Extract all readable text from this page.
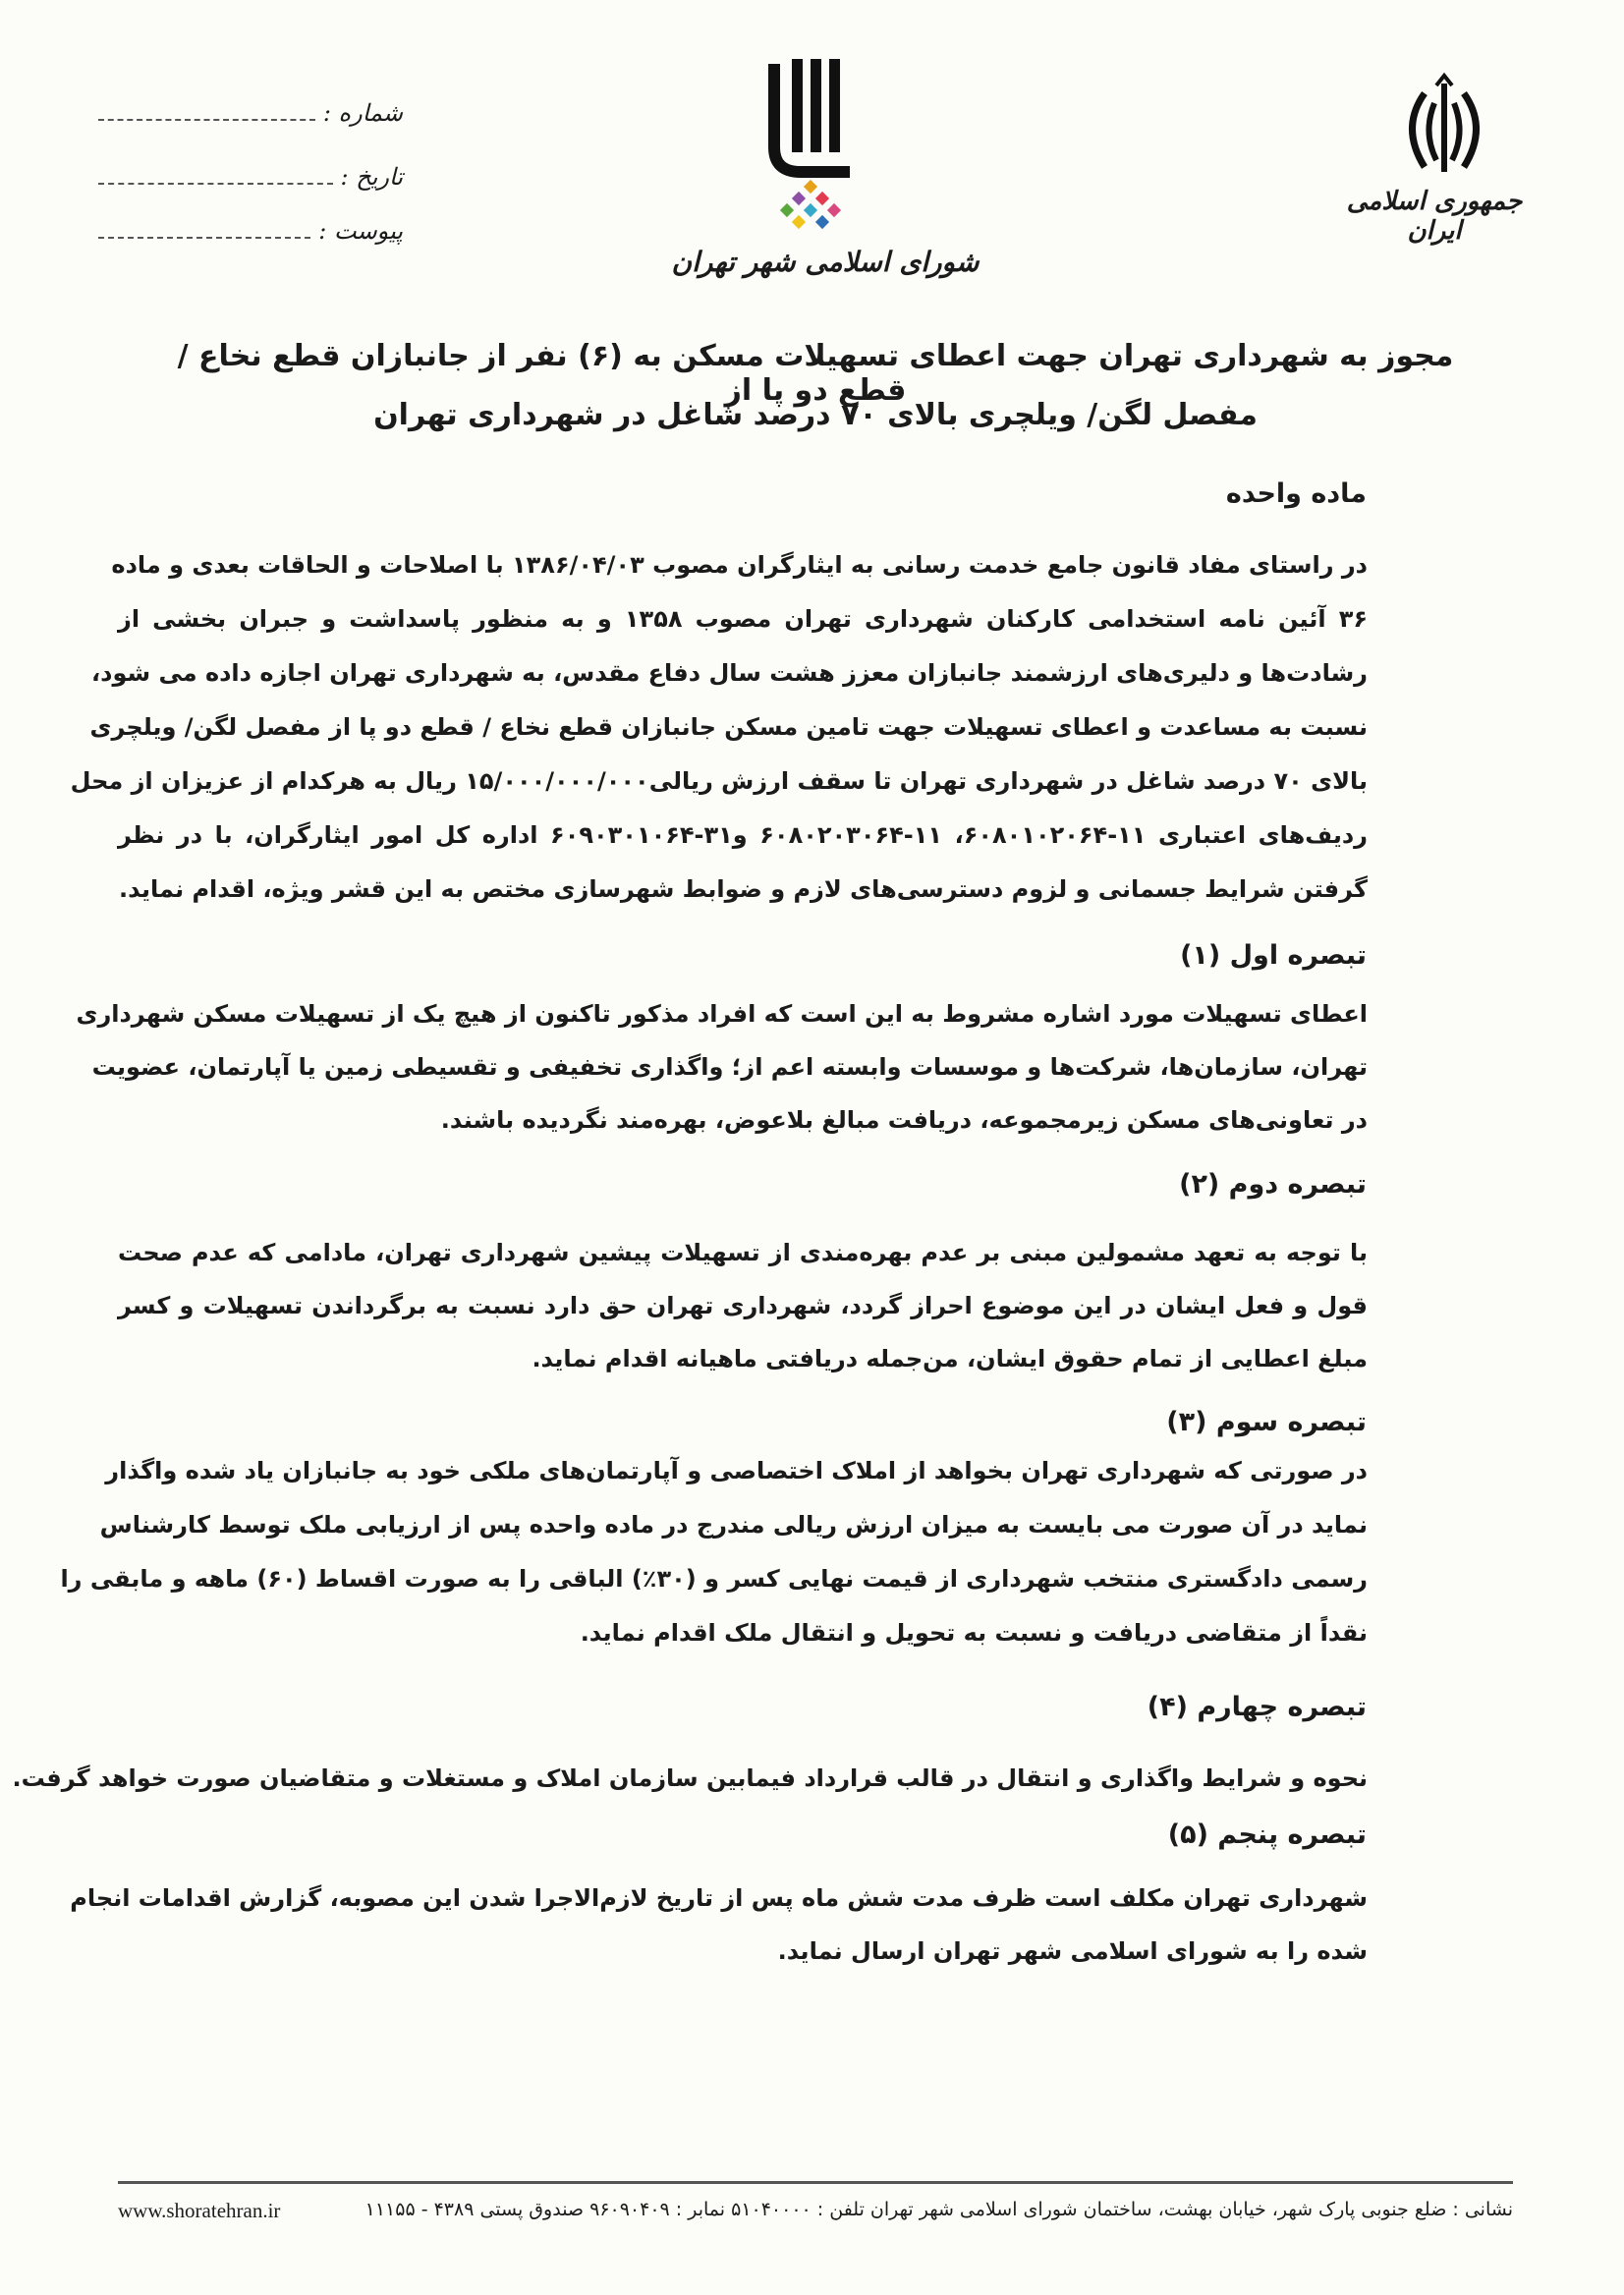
شماره :
تاریخ :
پیوست :
شورای اسلامی شهر تهران
جمهوری اسلامی ایران
مجوز به شهرداری تهران جهت اعطای تسهیلات مسکن به (۶) نفر از جانبازان قطع نخاع / قطع دو پا از
مفصل لگن/ ویلچری بالای ۷۰ درصد شاغل در شهرداری تهران
ماده واحده
در راستای مفاد قانون جامع خدمت رسانی به ایثارگران مصوب ۱۳۸۶/۰۴/۰۳ با اصلاحات و الحاقات بعدی و ماده
۳۶ آئین نامه استخدامی کارکنان شهرداری تهران مصوب ۱۳۵۸ و به منظور پاسداشت و جبران بخشی از
رشادت‌ها و دلیری‌های ارزشمند جانبازان معزز هشت سال دفاع مقدس، به شهرداری تهران اجازه داده می شود،
نسبت به مساعدت و اعطای تسهیلات جهت تامین مسکن جانبازان قطع نخاع / قطع دو پا از مفصل لگن/ ویلچری
بالای ۷۰ درصد شاغل در شهرداری تهران تا سقف ارزش ریالی۱۵/۰۰۰/۰۰۰/۰۰۰ ریال به هرکدام از عزیزان از محل
ردیف‌های اعتباری ۱۱-۶۰۸۰۱۰۲۰۶۴، ۱۱-۶۰۸۰۲۰۳۰۶۴ و۳۱-۶۰۹۰۳۰۱۰۶۴ اداره کل امور ایثارگران، با در نظر
گرفتن شرایط جسمانی و لزوم دسترسی‌های لازم و ضوابط شهرسازی مختص به این قشر ویژه، اقدام نماید.
تبصره اول (۱)
اعطای تسهیلات مورد اشاره مشروط به این است که افراد مذکور تاکنون از هیچ یک از تسهیلات مسکن شهرداری
تهران، سازمان‌ها، شرکت‌ها و موسسات وابسته اعم از؛ واگذاری تخفیفی و تقسیطی زمین یا آپارتمان، عضویت
در تعاونی‌های مسکن زیرمجموعه، دریافت مبالغ بلاعوض، بهره‌مند نگردیده باشند.
تبصره دوم (۲)
با توجه به تعهد مشمولین مبنی بر عدم بهره‌مندی از تسهیلات پیشین شهرداری تهران، مادامی که عدم صحت
قول و فعل ایشان در این موضوع احراز گردد، شهرداری تهران حق دارد نسبت به برگرداندن تسهیلات و کسر
مبلغ اعطایی از تمام حقوق ایشان، من‌جمله دریافتی ماهیانه اقدام نماید.
تبصره سوم (۳)
در صورتی که شهرداری تهران بخواهد از املاک اختصاصی و آپارتمان‌های ملکی خود به جانبازان یاد شده واگذار
نماید در آن صورت می بایست به میزان ارزش ریالی مندرج در ماده واحده پس از ارزیابی ملک توسط کارشناس
رسمی دادگستری منتخب شهرداری از قیمت نهایی کسر و (۳۰٪) الباقی را به صورت اقساط (۶۰) ماهه و مابقی را
نقداً از متقاضی دریافت و نسبت به تحویل و انتقال ملک اقدام نماید.
تبصره چهارم (۴)
نحوه و شرایط واگذاری و انتقال در قالب قرارداد فیمابین سازمان املاک و مستغلات و متقاضیان صورت خواهد گرفت.
تبصره پنجم (۵)
شهرداری تهران مکلف است ظرف مدت شش ماه پس از تاریخ لازم‌الاجرا شدن این مصوبه، گزارش اقدامات انجام
شده را به شورای اسلامی شهر تهران ارسال نماید.
نشانی : ضلع جنوبی پارک شهر، خیابان بهشت، ساختمان شورای اسلامی شهر تهران تلفن : ۵۱۰۴۰۰۰۰ نمابر : ۹۶۰۹۰۴۰۹ صندوق پستی ۴۳۸۹ - ۱۱۱۵۵
www.shoratehran.ir
